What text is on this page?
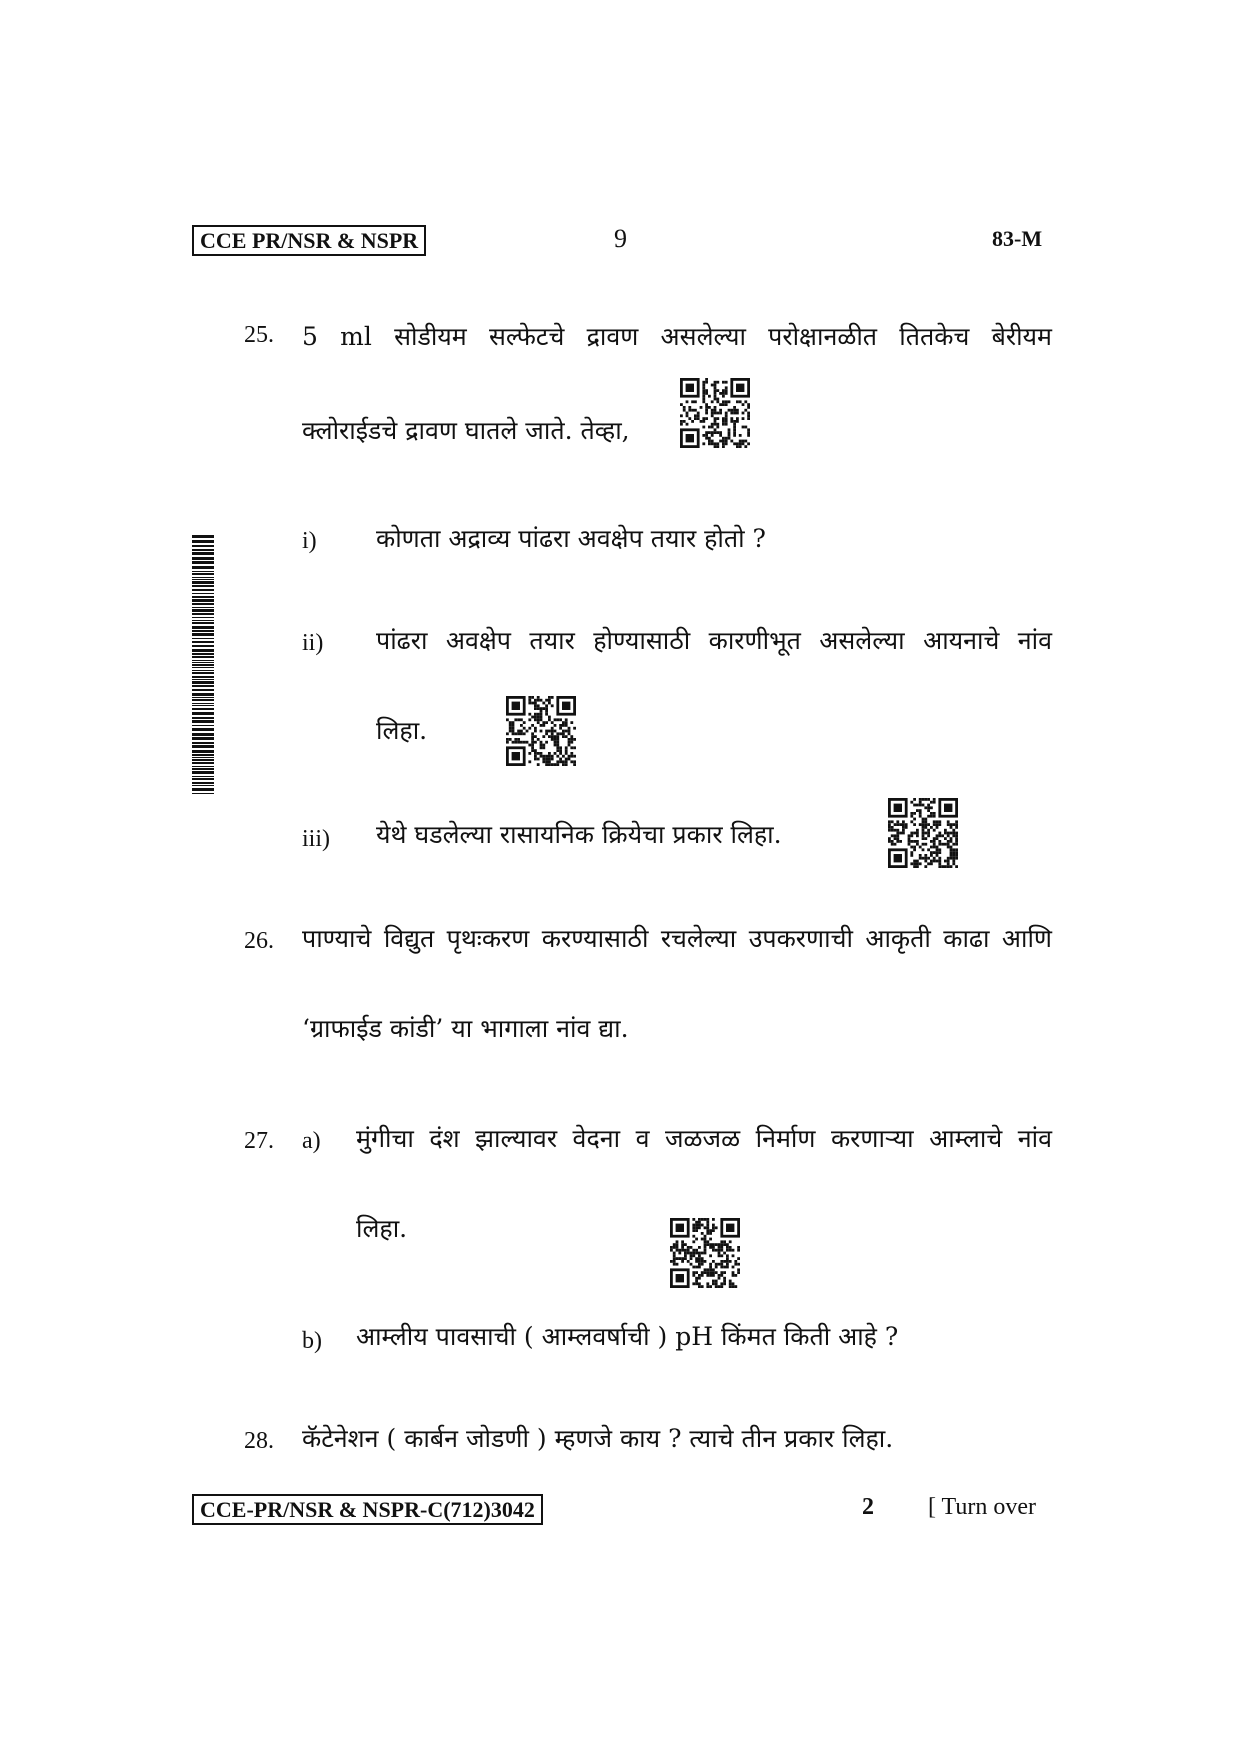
CCE PR/NSR & NSPR	9	83-M
25. 5 ml सोडीयम सल्फेटचे द्रावण असलेल्या परोक्षानळीत तितकेच बेरीयम
क्लोराईडचे द्रावण घातले जाते. तेव्हा,
i) कोणता अद्राव्य पांढरा अवक्षेप तयार होतो ?
ii) पांढरा अवक्षेप तयार होण्यासाठी कारणीभूत असलेल्या आयनाचे नांव
लिहा.
iii) येथे घडलेल्या रासायनिक क्रियेचा प्रकार लिहा.
26. पाण्याचे विद्युत पृथःकरण करण्यासाठी रचलेल्या उपकरणाची आकृती काढा आणि
‘ग्राफाईड कांडी’ या भागाला नांव द्या.
27. a) मुंगीचा दंश झाल्यावर वेदना व जळजळ निर्माण करणाऱ्या आम्लाचे नांव
लिहा.
b) आम्लीय पावसाची ( आम्लवर्षाची ) pH किंमत किती आहे ?
28. कॅटेनेशन ( कार्बन जोडणी ) म्हणजे काय ? त्याचे तीन प्रकार लिहा.
CCE-PR/NSR & NSPR-C(712)3042	2 [ Turn over
